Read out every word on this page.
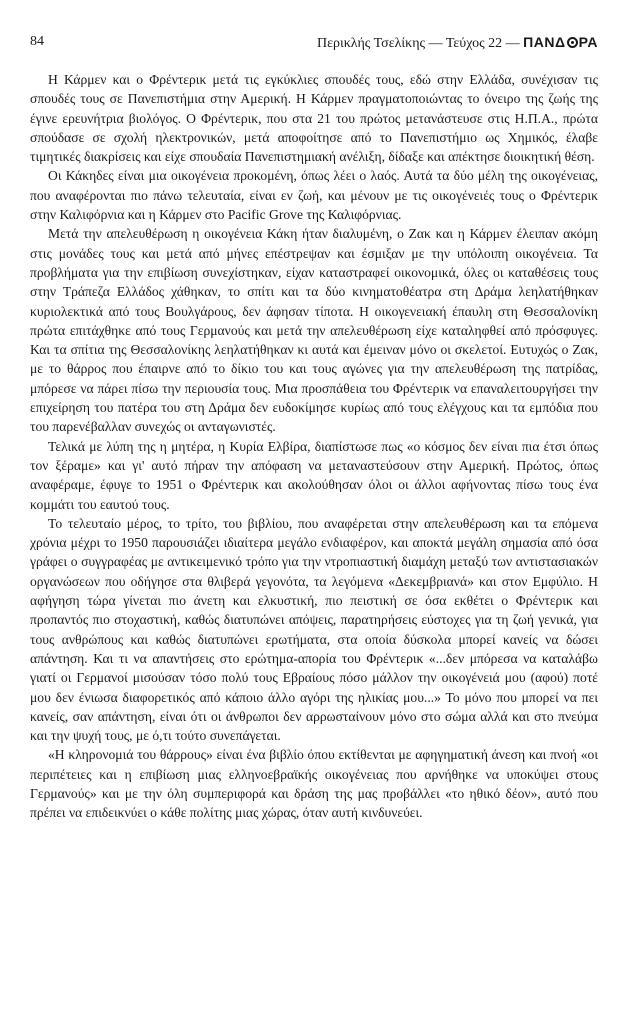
84	Περικλής Τσελίκης — Τεύχος 22 — ΠΑΝΔ ΡΑ

Η Κάρμεν και ο Φρέντερικ μετά τις εγκύκλιες σπουδές τους, εδώ στην Ελλάδα, συνέχισαν τις σπουδές τους σε Πανεπιστήμια στην Αμερική. Η Κάρμεν πραγματοποιώντας το όνειρο της ζωής της έγινε ερευνήτρια βιολόγος. Ο Φρέντερικ, που στα 21 του πρώτος μετανάστευσε στις Η.Π.Α., πρώτα σπούδασε σε σχολή ηλεκτρονικών, μετά αποφοίτησε από το Πανεπιστήμιο ως Χημικός, έλαβε τιμητικές διακρίσεις και είχε σπουδαία Πανεπιστημιακή ανέλιξη, δίδαξε και απέκτησε διοικητική θέση.

Οι Κάκηδες είναι μια οικογένεια προκομένη, όπως λέει ο λαός. Αυτά τα δύο μέλη της οικογένειας, που αναφέρονται πιο πάνω τελευταία, είναι εν ζωή, και μένουν με τις οικογένειές τους ο Φρέντερικ στην Καλιφόρνια και η Κάρμεν στο Pacific Grove της Καλιφόρνιας.

Μετά την απελευθέρωση η οικογένεια Κάκη ήταν διαλυμένη, ο Ζακ και η Κάρμεν έλειπαν ακόμη στις μονάδες τους και μετά από μήνες επέστρεψαν και έσμιξαν με την υπόλοιπη οικογένεια. Τα προβλήματα για την επιβίωση συνεχίστηκαν, είχαν καταστραφεί οικονομικά, όλες οι καταθέσεις τους στην Τράπεζα Ελλάδος χάθηκαν, το σπίτι και τα δύο κινηματοθέατρα στη Δράμα λεηλατήθηκαν κυριολεκτικά από τους Βουλγάρους, δεν άφησαν τίποτα. Η οικογενειακή έπαυλη στη Θεσσαλονίκη πρώτα επιτάχθηκε από τους Γερμανούς και μετά την απελευθέρωση είχε καταληφθεί από πρόσφυγες. Και τα σπίτια της Θεσσαλονίκης λεηλατήθηκαν κι αυτά και έμειναν μόνο οι σκελετοί. Ευτυχώς ο Ζακ, με το θάρρος που έπαιρνε από το δίκιο του και τους αγώνες για την απελευθέρωση της πατρίδας, μπόρεσε να πάρει πίσω την περιουσία τους. Μια προσπάθεια του Φρέντερικ να επαναλειτουργήσει την επιχείρηση του πατέρα του στη Δράμα δεν ευδοκίμησε κυρίως από τους ελέγχους και τα εμπόδια που του παρενέβαλλαν συνεχώς οι ανταγωνιστές.

Τελικά με λύπη της η μητέρα, η Κυρία Ελβίρα, διαπίστωσε πως «ο κόσμος δεν είναι πια έτσι όπως τον ξέραμε» και γι' αυτό πήραν την απόφαση να μεταναστεύσουν στην Αμερική. Πρώτος, όπως αναφέραμε, έφυγε το 1951 ο Φρέντερικ και ακολούθησαν όλοι οι άλλοι αφήνοντας πίσω τους ένα κομμάτι του εαυτού τους.

Το τελευταίο μέρος, το τρίτο, του βιβλίου, που αναφέρεται στην απελευθέρωση και τα επόμενα χρόνια μέχρι το 1950 παρουσιάζει ιδιαίτερα μεγάλο ενδιαφέρον, και αποκτά μεγάλη σημασία από όσα γράφει ο συγγραφέας με αντικειμενικό τρόπο για την ντροπιαστική διαμάχη μεταξύ των αντιστασιακών οργανώσεων που οδήγησε στα θλιβερά γεγονότα, τα λεγόμενα «Δεκεμβριανά» και στον Εμφύλιο. Η αφήγηση τώρα γίνεται πιο άνετη και ελκυστική, πιο πειστική σε όσα εκθέτει ο Φρέντερικ και προπαντός πιο στοχαστική, καθώς διατυπώνει απόψεις, παρατηρήσεις εύστοχες για τη ζωή γενικά, για τους ανθρώπους και καθώς διατυπώνει ερωτήματα, στα οποία δύσκολα μπορεί κανείς να δώσει απάντηση. Και τι να απαντήσεις στο ερώτημα-απορία του Φρέντερικ «...δεν μπόρεσα να καταλάβω γιατί οι Γερμανοί μισούσαν τόσο πολύ τους Εβραίους πόσο μάλλον την οικογένειά μου (αφού) ποτέ μου δεν ένιωσα διαφορετικός από κάποιο άλλο αγόρι της ηλικίας μου...» Το μόνο που μπορεί να πει κανείς, σαν απάντηση, είναι ότι οι άνθρωποι δεν αρρωσταίνουν μόνο στο σώμα αλλά και στο πνεύμα και την ψυχή τους, με ό,τι τούτο συνεπάγεται.

«Η κληρονομιά του θάρρους» είναι ένα βιβλίο όπου εκτίθενται με αφηγηματική άνεση και πνοή «οι περιπέτειες και η επιβίωση μιας ελληνοεβραϊκής οικογένειας που αρνήθηκε να υποκύψει στους Γερμανούς» και με την όλη συμπεριφορά και δράση της μας προβάλλει «το ηθικό δέον», αυτό που πρέπει να επιδεικνύει ο κάθε πολίτης μιας χώρας, όταν αυτή κινδυνεύει.
